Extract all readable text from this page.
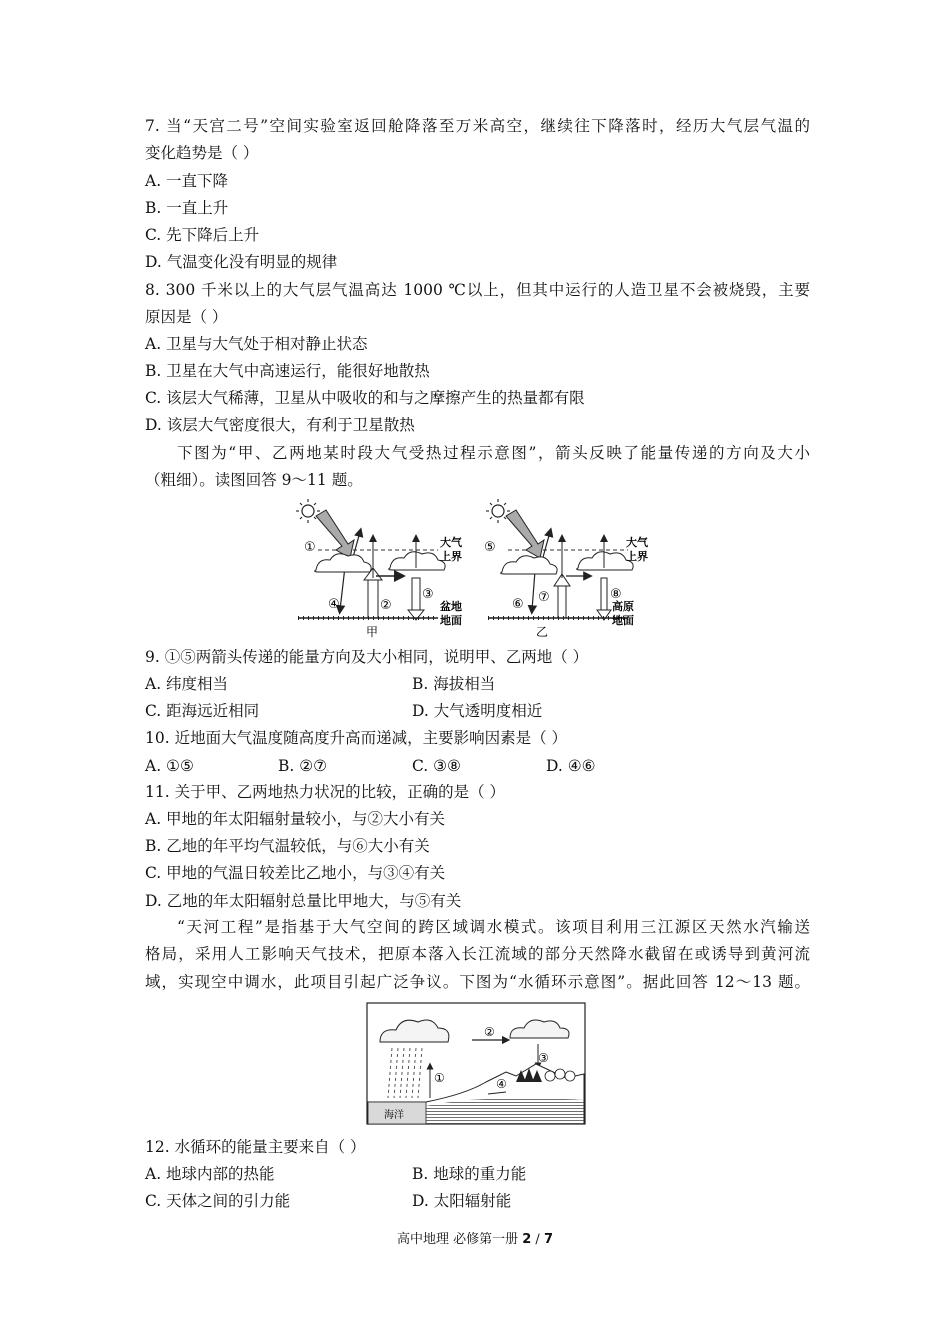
7. 当“天宫二号”空间实验室返回舱降落至万米高空，继续往下降落时，经历大气层气温的
变化趋势是（ ）
A. 一直下降
B. 一直上升
C. 先下降后上升
D. 气温变化没有明显的规律
8. 300 千米以上的大气层气温高达 1000 ℃以上，但其中运行的人造卫星不会被烧毁，主要
原因是（ ）
A. 卫星与大气处于相对静止状态
B. 卫星在大气中高速运行，能很好地散热
C. 该层大气稀薄，卫星从中吸收的和与之摩擦产生的热量都有限
D. 该层大气密度很大，有利于卫星散热
下图为“甲、乙两地某时段大气受热过程示意图”，箭头反映了能量传递的方向及大小
（粗细）。读图回答 9～11 题。
①
④	②
③
大气
上界
盆地
地面
甲
⑤
⑥ ⑦	⑧
大气
上界
高原
地面
乙
9. ①⑤两箭头传递的能量方向及大小相同，说明甲、乙两地（ ）
A. 纬度相当	B. 海拔相当
C. 距海远近相同	D. 大气透明度相近
10. 近地面大气温度随高度升高而递减，主要影响因素是（ ）
A. ①⑤	B. ②⑦	C. ③⑧	D. ④⑥
11. 关于甲、乙两地热力状况的比较，正确的是（ ）
A. 甲地的年太阳辐射量较小，与②大小有关
B. 乙地的年平均气温较低，与⑥大小有关
C. 甲地的气温日较差比乙地小，与③④有关
D. 乙地的年太阳辐射总量比甲地大，与⑤有关
“天河工程”是指基于大气空间的跨区域调水模式。该项目利用三江源区天然水汽输送
格局，采用人工影响天气技术，把原本落入长江流域的部分天然降水截留在或诱导到黄河流
域，实现空中调水，此项目引起广泛争议。下图为“水循环示意图”。据此回答 12～13 题。
①
②
③
④
海洋
12. 水循环的能量主要来自（ ）
A. 地球内部的热能	B. 地球的重力能
C. 天体之间的引力能	D. 太阳辐射能
高中地理 必修第一册 2 / 7
